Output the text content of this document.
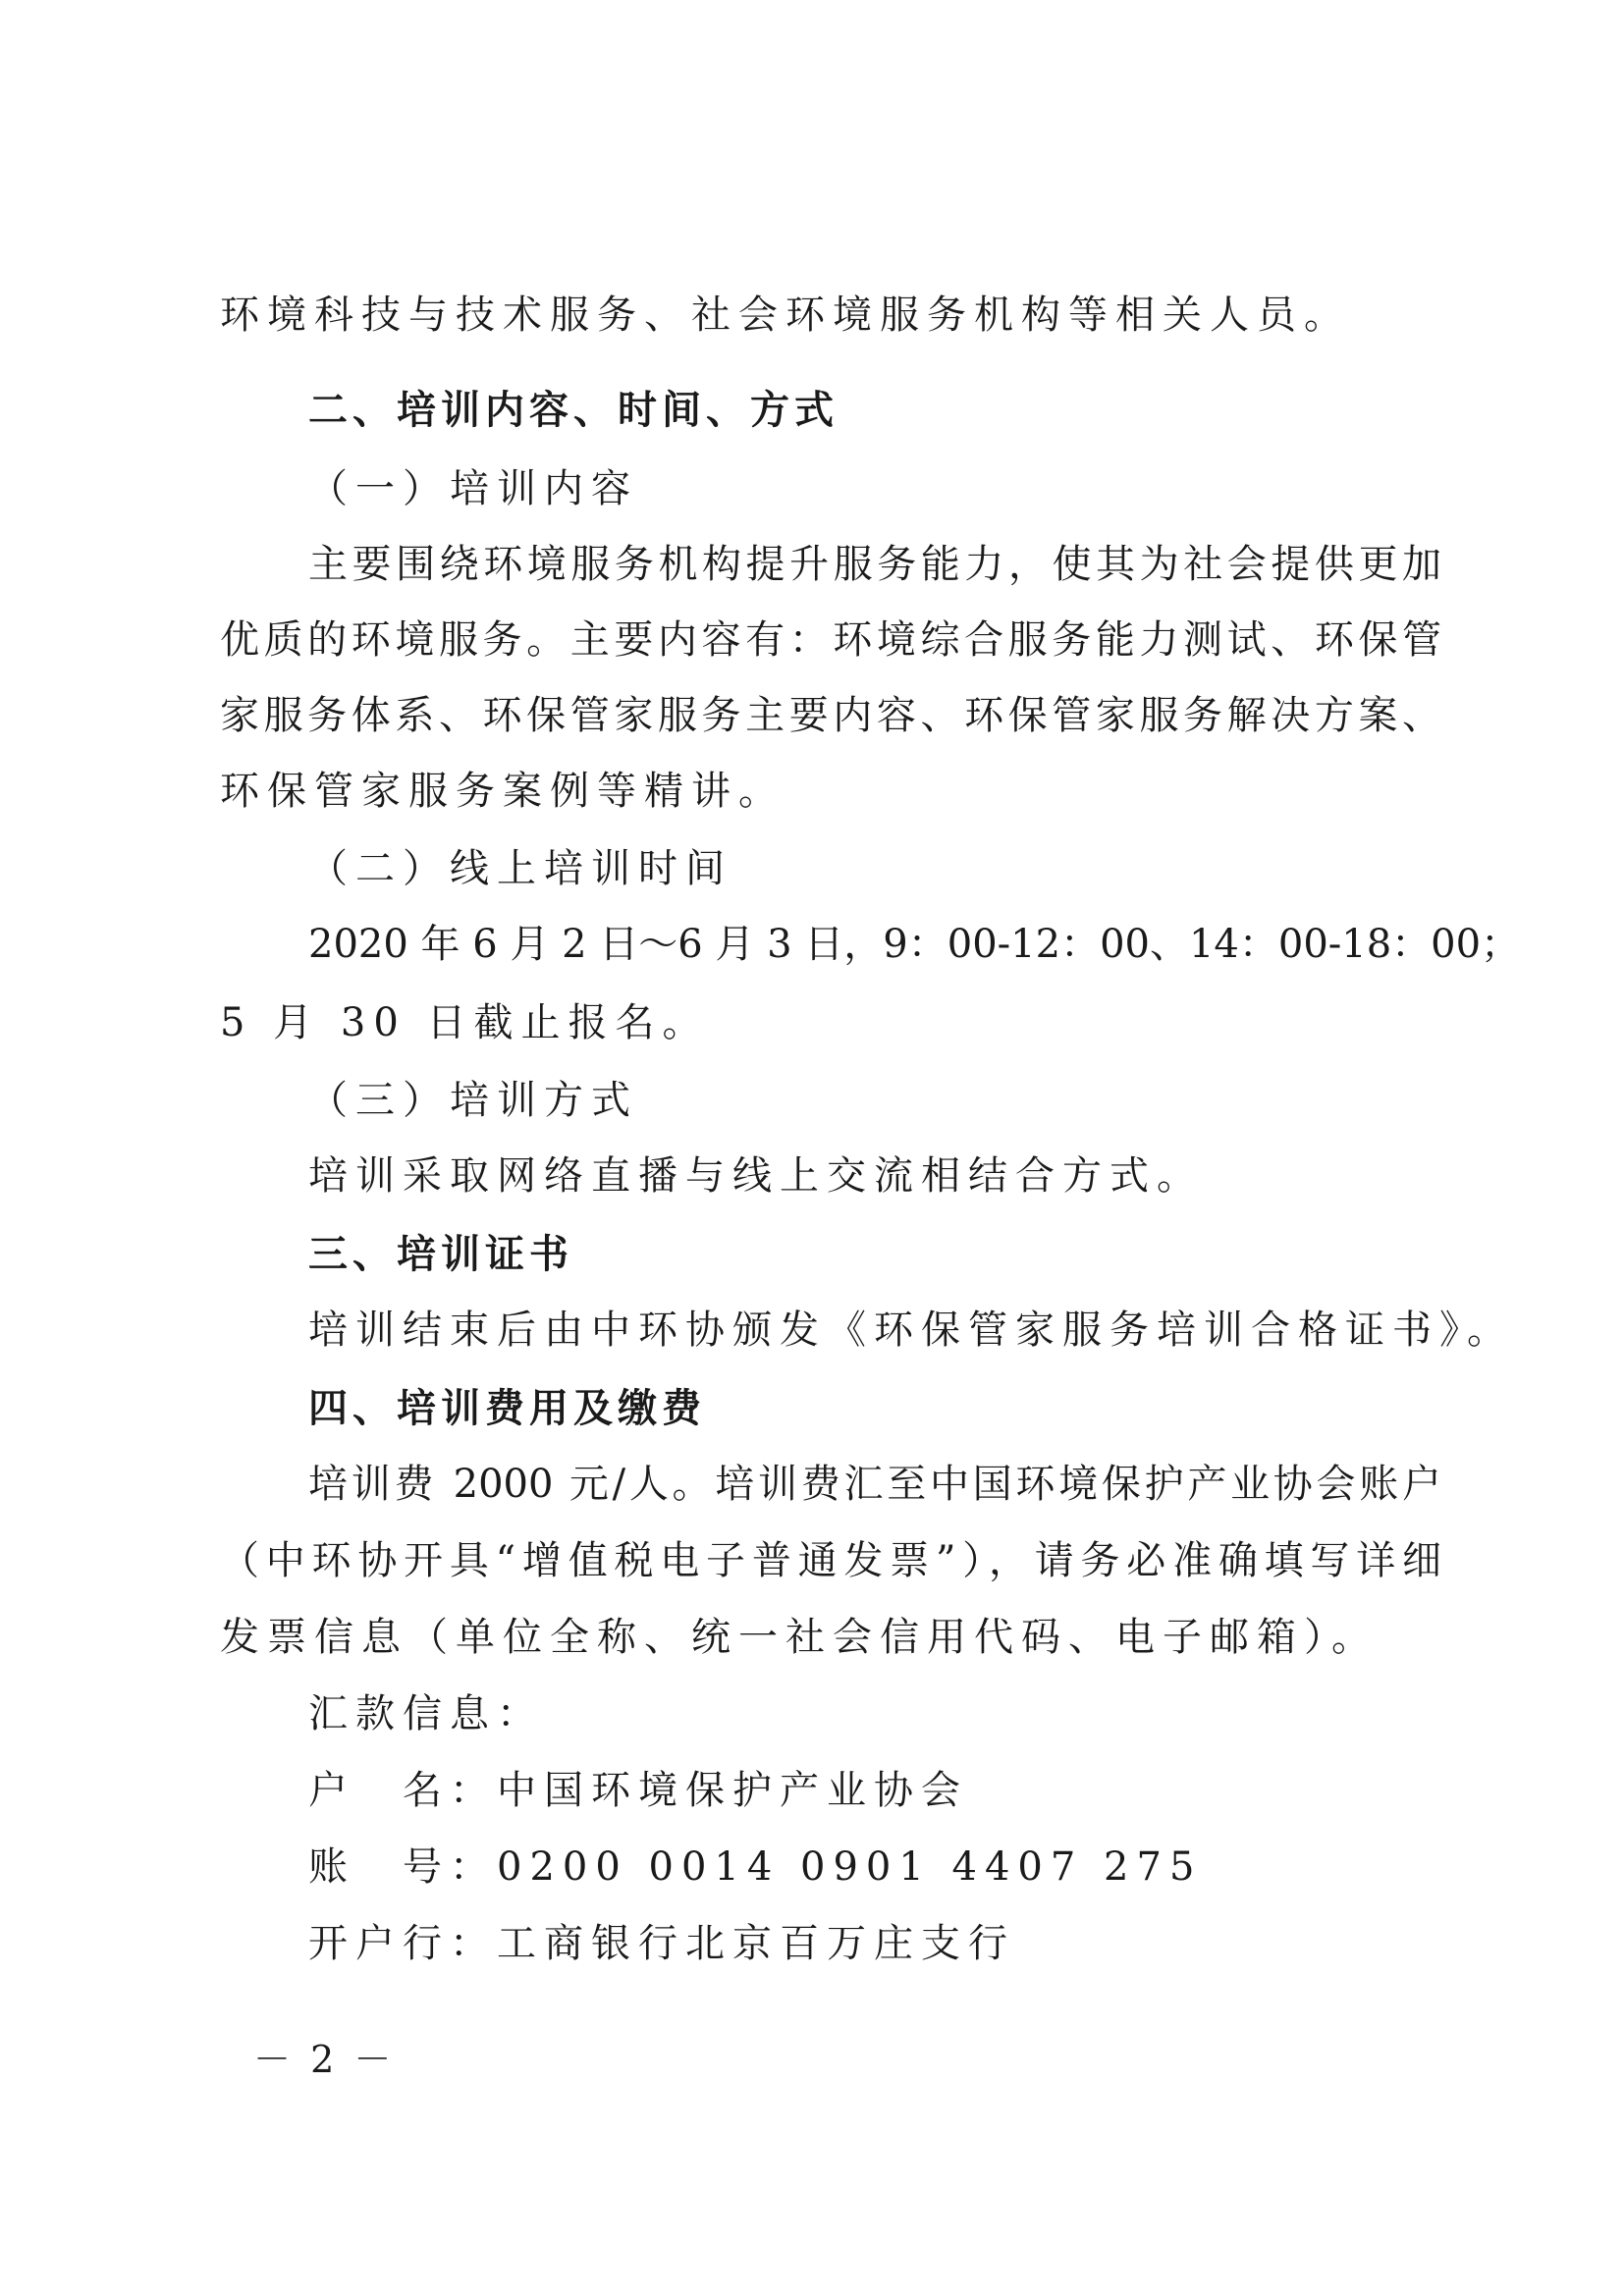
环境科技与技术服务、社会环境服务机构等相关人员。
二、培训内容、时间、方式
（一）培训内容
主要围绕环境服务机构提升服务能力，使其为社会提供更加
优质的环境服务。主要内容有：环境综合服务能力测试、环保管
家服务体系、环保管家服务主要内容、环保管家服务解决方案、
环保管家服务案例等精讲。
（二）线上培训时间
2020 年 6 月 2 日～6 月 3 日，9：00-12：00、14：00-18：00；
5 月 30 日截止报名。
（三）培训方式
培训采取网络直播与线上交流相结合方式。
三、培训证书
培训结束后由中环协颁发《环保管家服务培训合格证书》。
四、培训费用及缴费
培训费 2000 元/人。培训费汇至中国环境保护产业协会账户
（中环协开具“增值税电子普通发票”），请务必准确填写详细
发票信息（单位全称、统一社会信用代码、电子邮箱）。
汇款信息：
户　名：中国环境保护产业协会
账　号：0200 0014 0901 4407 275
开户行：工商银行北京百万庄支行
－ 2 －
